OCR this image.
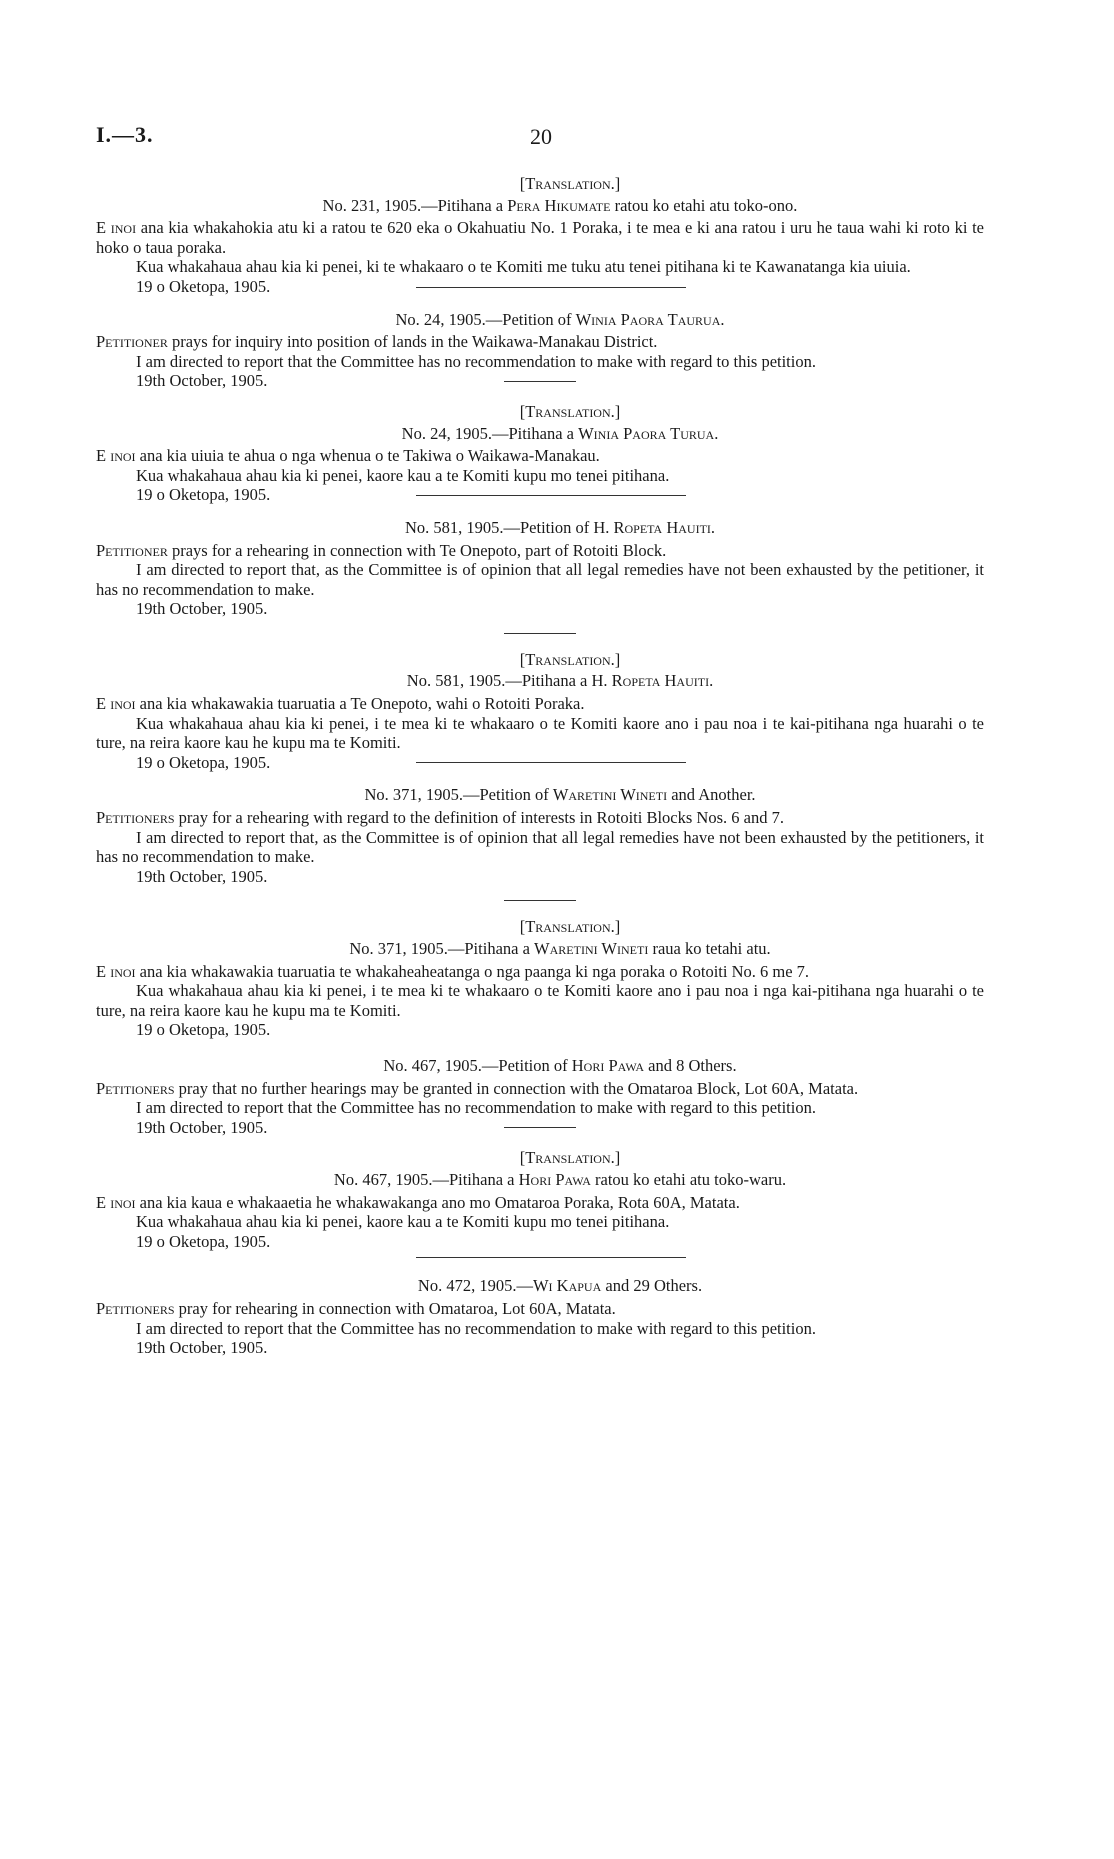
I.—3.	20
[Translation.]
No. 231, 1905.—Pitihana a Pera Hikumate ratou ko etahi atu toko-ono.
E inoi ana kia whakahokia atu ki a ratou te 620 eka o Okahuatiu No. 1 Poraka, i te mea e ki ana ratou i uru he taua wahi ki roto ki te hoko o taua poraka.
Kua whakahaua ahau kia ki penei, ki te whakaaro o te Komiti me tuku atu tenei pitihana ki te Kawanatanga kia uiuia.
19 o Oketopa, 1905.
No. 24, 1905.—Petition of Winia Paora Taurua.
Petitioner prays for inquiry into position of lands in the Waikawa-Manakau District.
I am directed to report that the Committee has no recommendation to make with regard to this petition.
19th October, 1905.
[Translation.]
No. 24, 1905.—Pitihana a Winia Paora Turua.
E inoi ana kia uiuia te ahua o nga whenua o te Takiwa o Waikawa-Manakau.
Kua whakahaua ahau kia ki penei, kaore kau a te Komiti kupu mo tenei pitihana.
19 o Oketopa, 1905.
No. 581, 1905.—Petition of H. Ropeta Hauiti.
Petitioner prays for a rehearing in connection with Te Onepoto, part of Rotoiti Block.
I am directed to report that, as the Committee is of opinion that all legal remedies have not been exhausted by the petitioner, it has no recommendation to make.
19th October, 1905.
[Translation.]
No. 581, 1905.—Pitihana a H. Ropeta Hauiti.
E inoi ana kia whakawakia tuaruatia a Te Onepoto, wahi o Rotoiti Poraka.
Kua whakahaua ahau kia ki penei, i te mea ki te whakaaro o te Komiti kaore ano i pau noa i te kai-pitihana nga huarahi o te ture, na reira kaore kau he kupu ma te Komiti.
19 o Oketopa, 1905.
No. 371, 1905.—Petition of Waretini Wineti and Another.
Petitioners pray for a rehearing with regard to the definition of interests in Rotoiti Blocks Nos. 6 and 7.
I am directed to report that, as the Committee is of opinion that all legal remedies have not been exhausted by the petitioners, it has no recommendation to make.
19th October, 1905.
[Translation.]
No. 371, 1905.—Pitihana a Waretini Wineti raua ko tetahi atu.
E inoi ana kia whakawakia tuaruatia te whakaheaheatanga o nga paanga ki nga poraka o Rotoiti No. 6 me 7.
Kua whakahaua ahau kia ki penei, i te mea ki te whakaaro o te Komiti kaore ano i pau noa i nga kai-pitihana nga huarahi o te ture, na reira kaore kau he kupu ma te Komiti.
19 o Oketopa, 1905.
No. 467, 1905.—Petition of Hori Pawa and 8 Others.
Petitioners pray that no further hearings may be granted in connection with the Omataroa Block, Lot 60A, Matata.
I am directed to report that the Committee has no recommendation to make with regard to this petition.
19th October, 1905.
[Translation.]
No. 467, 1905.—Pitihana a Hori Pawa ratou ko etahi atu toko-waru.
E inoi ana kia kaua e whakaaetia he whakawakanga ano mo Omataroa Poraka, Rota 60A, Matata.
Kua whakahaua ahau kia ki penei, kaore kau a te Komiti kupu mo tenei pitihana.
19 o Oketopa, 1905.
No. 472, 1905.—Wi Kapua and 29 Others.
Petitioners pray for rehearing in connection with Omataroa, Lot 60A, Matata.
I am directed to report that the Committee has no recommendation to make with regard to this petition.
19th October, 1905.
